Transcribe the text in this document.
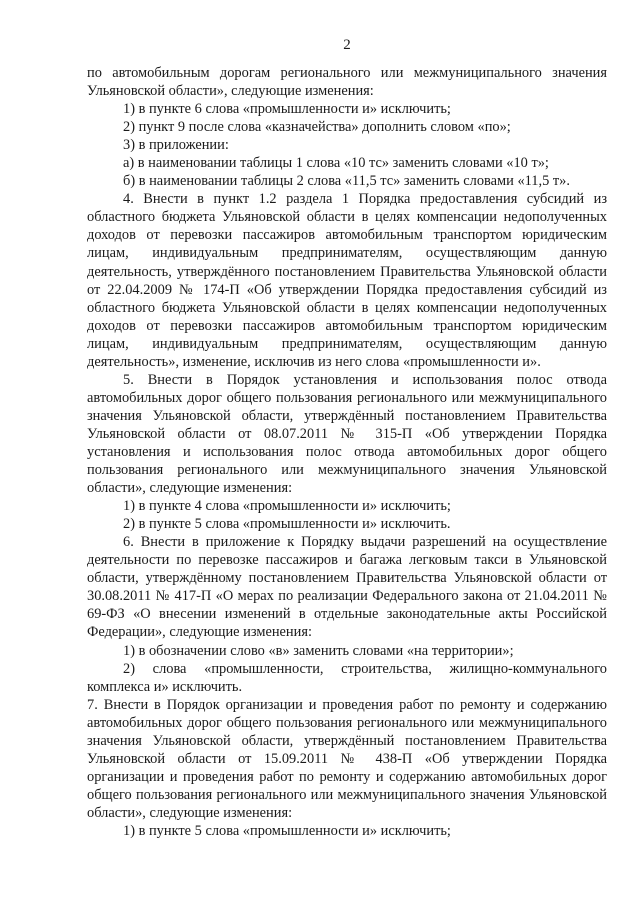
2

по автомобильным дорогам регионального или межмуниципального значения Ульяновской области», следующие изменения:

1) в пункте 6 слова «промышленности и» исключить;

2) пункт 9 после слова «казначейства» дополнить словом «по»;

3) в приложении:

а) в наименовании таблицы 1 слова «10 тс» заменить словами «10 т»;

б) в наименовании таблицы 2 слова «11,5 тс» заменить словами «11,5 т».

4. Внести в пункт 1.2 раздела 1 Порядка предоставления субсидий из областного бюджета Ульяновской области в целях компенсации недополученных доходов от перевозки пассажиров автомобильным транспортом юридическим лицам, индивидуальным предпринимателям, осуществляющим данную деятельность, утверждённого постановлением Правительства Ульяновской области от 22.04.2009 № 174-П «Об утверждении Порядка предоставления субсидий из областного бюджета Ульяновской области в целях компенсации недополученных доходов от перевозки пассажиров автомобильным транспортом юридическим лицам, индивидуальным предпринимателям, осуществляющим данную деятельность», изменение, исключив из него слова «промышленности и».

5. Внести в Порядок установления и использования полос отвода автомобильных дорог общего пользования регионального или межмуниципального значения Ульяновской области, утверждённый постановлением Правительства Ульяновской области от 08.07.2011 № 315-П «Об утверждении Порядка установления и использования полос отвода автомобильных дорог общего пользования регионального или межмуниципального значения Ульяновской области», следующие изменения:

1) в пункте 4 слова «промышленности и» исключить;

2) в пункте 5 слова «промышленности и» исключить.

6. Внести в приложение к Порядку выдачи разрешений на осуществление деятельности по перевозке пассажиров и багажа легковым такси в Ульяновской области, утверждённому постановлением Правительства Ульяновской области от 30.08.2011 № 417-П «О мерах по реализации Федерального закона от 21.04.2011 № 69-ФЗ «О внесении изменений в отдельные законодательные акты Российской Федерации», следующие изменения:

1) в обозначении слово «в» заменить словами «на территории»;

2) слова «промышленности, строительства, жилищно-коммунального комплекса и» исключить.

7. Внести в Порядок организации и проведения работ по ремонту и содержанию автомобильных дорог общего пользования регионального или межмуниципального значения Ульяновской области, утверждённый постановлением Правительства Ульяновской области от 15.09.2011 № 438-П «Об утверждении Порядка организации и проведения работ по ремонту и содержанию автомобильных дорог общего пользования регионального или межмуниципального значения Ульяновской области», следующие изменения:

1) в пункте 5 слова «промышленности и» исключить;
